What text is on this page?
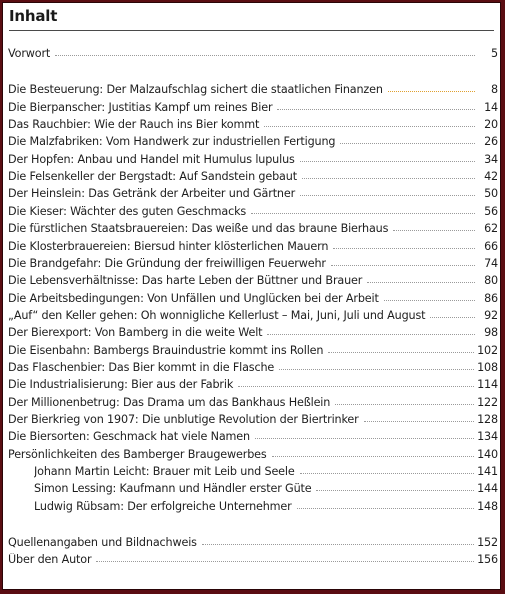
Inhalt
Vorwort	5
Die Besteuerung: Der Malzaufschlag sichert die staatlichen Finanzen	8
Die Bierpanscher: Justitias Kampf um reines Bier	14
Das Rauchbier: Wie der Rauch ins Bier kommt	20
Die Malzfabriken: Vom Handwerk zur industriellen Fertigung	26
Der Hopfen: Anbau und Handel mit Humulus lupulus	34
Die Felsenkeller der Bergstadt: Auf Sandstein gebaut	42
Der Heinslein: Das Getränk der Arbeiter und Gärtner	50
Die Kieser: Wächter des guten Geschmacks	56
Die fürstlichen Staatsbrauereien: Das weiße und das braune Bierhaus	62
Die Klosterbrauereien: Biersud hinter klösterlichen Mauern	66
Die Brandgefahr: Die Gründung der freiwilligen Feuerwehr	74
Die Lebensverhältnisse: Das harte Leben der Büttner und Brauer	80
Die Arbeitsbedingungen: Von Unfällen und Unglücken bei der Arbeit	86
„Auf“ den Keller gehen: Oh wonnigliche Kellerlust – Mai, Juni, Juli und August	92
Der Bierexport: Von Bamberg in die weite Welt	98
Die Eisenbahn: Bambergs Brauindustrie kommt ins Rollen	102
Das Flaschenbier: Das Bier kommt in die Flasche	108
Die Industrialisierung: Bier aus der Fabrik	114
Der Millionenbetrug: Das Drama um das Bankhaus Heßlein	122
Der Bierkrieg von 1907: Die unblutige Revolution der Biertrinker	128
Die Biersorten: Geschmack hat viele Namen	134
Persönlichkeiten des Bamberger Braugewerbes	140
Johann Martin Leicht: Brauer mit Leib und Seele	141
Simon Lessing: Kaufmann und Händler erster Güte	144
Ludwig Rübsam: Der erfolgreiche Unternehmer	148
Quellenangaben und Bildnachweis	152
Über den Autor	156
